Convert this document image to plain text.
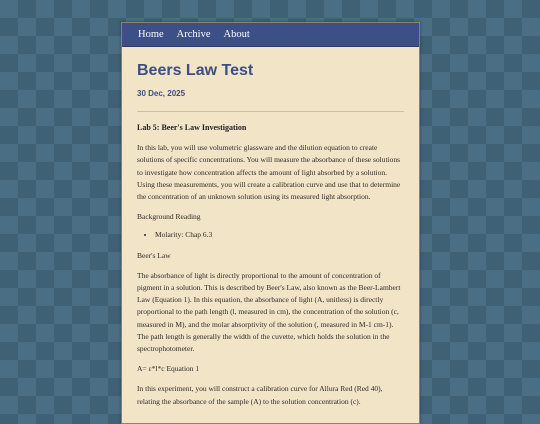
Home Archive About
Beers Law Test
30 Dec, 2025
Lab 5: Beer's Law Investigation

In this lab, you will use volumetric glassware and the dilution equation to create solutions of specific concentrations. You will measure the absorbance of these solutions to investigate how concentration affects the amount of light absorbed by a solution. Using these measurements, you will create a calibration curve and use that to determine the concentration of an unknown solution using its measured light absorption.

Background Reading

• Molarity: Chap 6.3

Beer's Law

The absorbance of light is directly proportional to the amount of concentration of pigment in a solution. This is described by Beer's Law, also known as the Beer-Lambert Law (Equation 1). In this equation, the absorbance of light (A, unitless) is directly proportional to the path length (l, measured in cm), the concentration of the solution (c, measured in M), and the molar absorptivity of the solution (, measured in M-1 cm-1). The path length is generally the width of the cuvette, which holds the solution in the spectrophotometer.

A= ε*l*c Equation 1

In this experiment, you will construct a calibration curve for Allura Red (Red 40), relating the absorbance of the sample (A) to the solution concentration (c).
